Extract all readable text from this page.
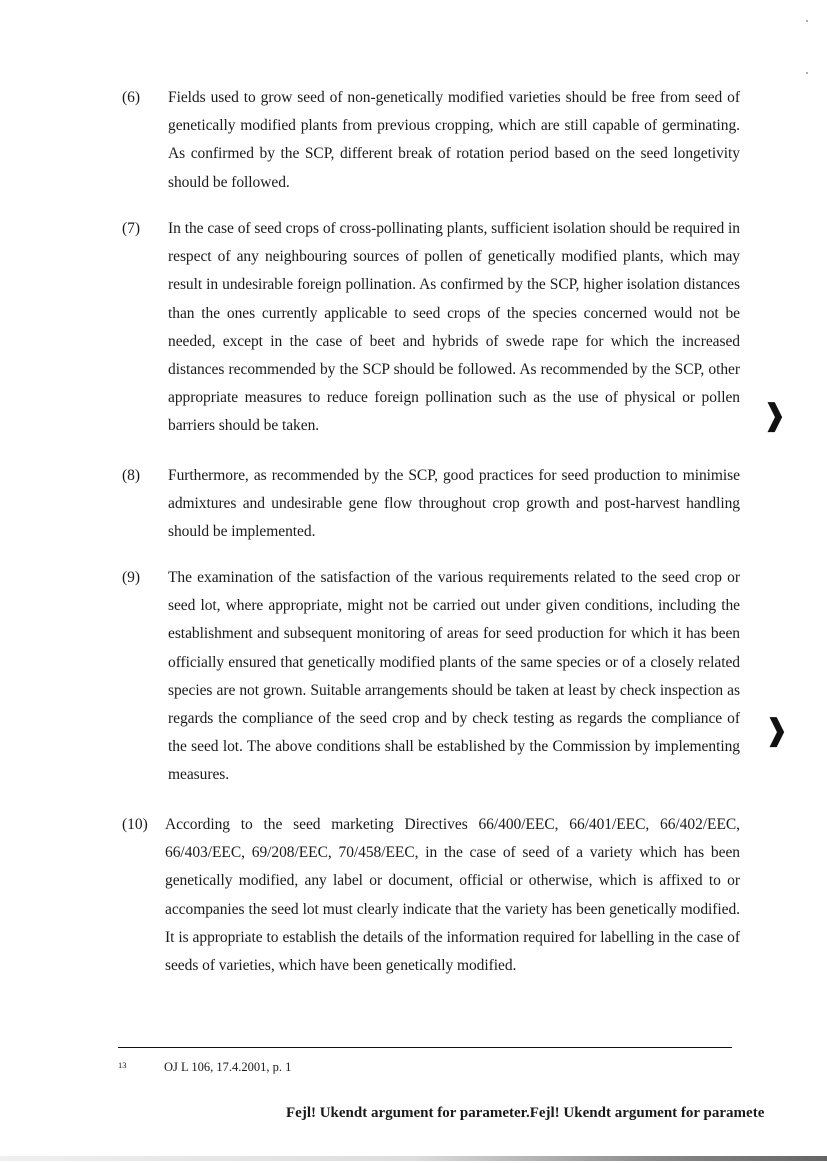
(6) Fields used to grow seed of non-genetically modified varieties should be free from seed of genetically modified plants from previous cropping, which are still capable of germinating. As confirmed by the SCP, different break of rotation period based on the seed longetivity should be followed.
(7) In the case of seed crops of cross-pollinating plants, sufficient isolation should be required in respect of any neighbouring sources of pollen of genetically modified plants, which may result in undesirable foreign pollination. As confirmed by the SCP, higher isolation distances than the ones currently applicable to seed crops of the species concerned would not be needed, except in the case of beet and hybrids of swede rape for which the increased distances recommended by the SCP should be followed. As recommended by the SCP, other appropriate measures to reduce foreign pollination such as the use of physical or pollen barriers should be taken.
(8) Furthermore, as recommended by the SCP, good practices for seed production to minimise admixtures and undesirable gene flow throughout crop growth and post-harvest handling should be implemented.
(9) The examination of the satisfaction of the various requirements related to the seed crop or seed lot, where appropriate, might not be carried out under given conditions, including the establishment and subsequent monitoring of areas for seed production for which it has been officially ensured that genetically modified plants of the same species or of a closely related species are not grown. Suitable arrangements should be taken at least by check inspection as regards the compliance of the seed crop and by check testing as regards the compliance of the seed lot. The above conditions shall be established by the Commission by implementing measures.
(10) According to the seed marketing Directives 66/400/EEC, 66/401/EEC, 66/402/EEC, 66/403/EEC, 69/208/EEC, 70/458/EEC, in the case of seed of a variety which has been genetically modified, any label or document, official or otherwise, which is affixed to or accompanies the seed lot must clearly indicate that the variety has been genetically modified. It is appropriate to establish the details of the information required for labelling in the case of seeds of varieties, which have been genetically modified.
$^{13}$	OJ L 106, 17.4.2001, p. 1
Fejl! Ukendt argument for parameter.Fejl! Ukendt argument for paramete
❱
❱
